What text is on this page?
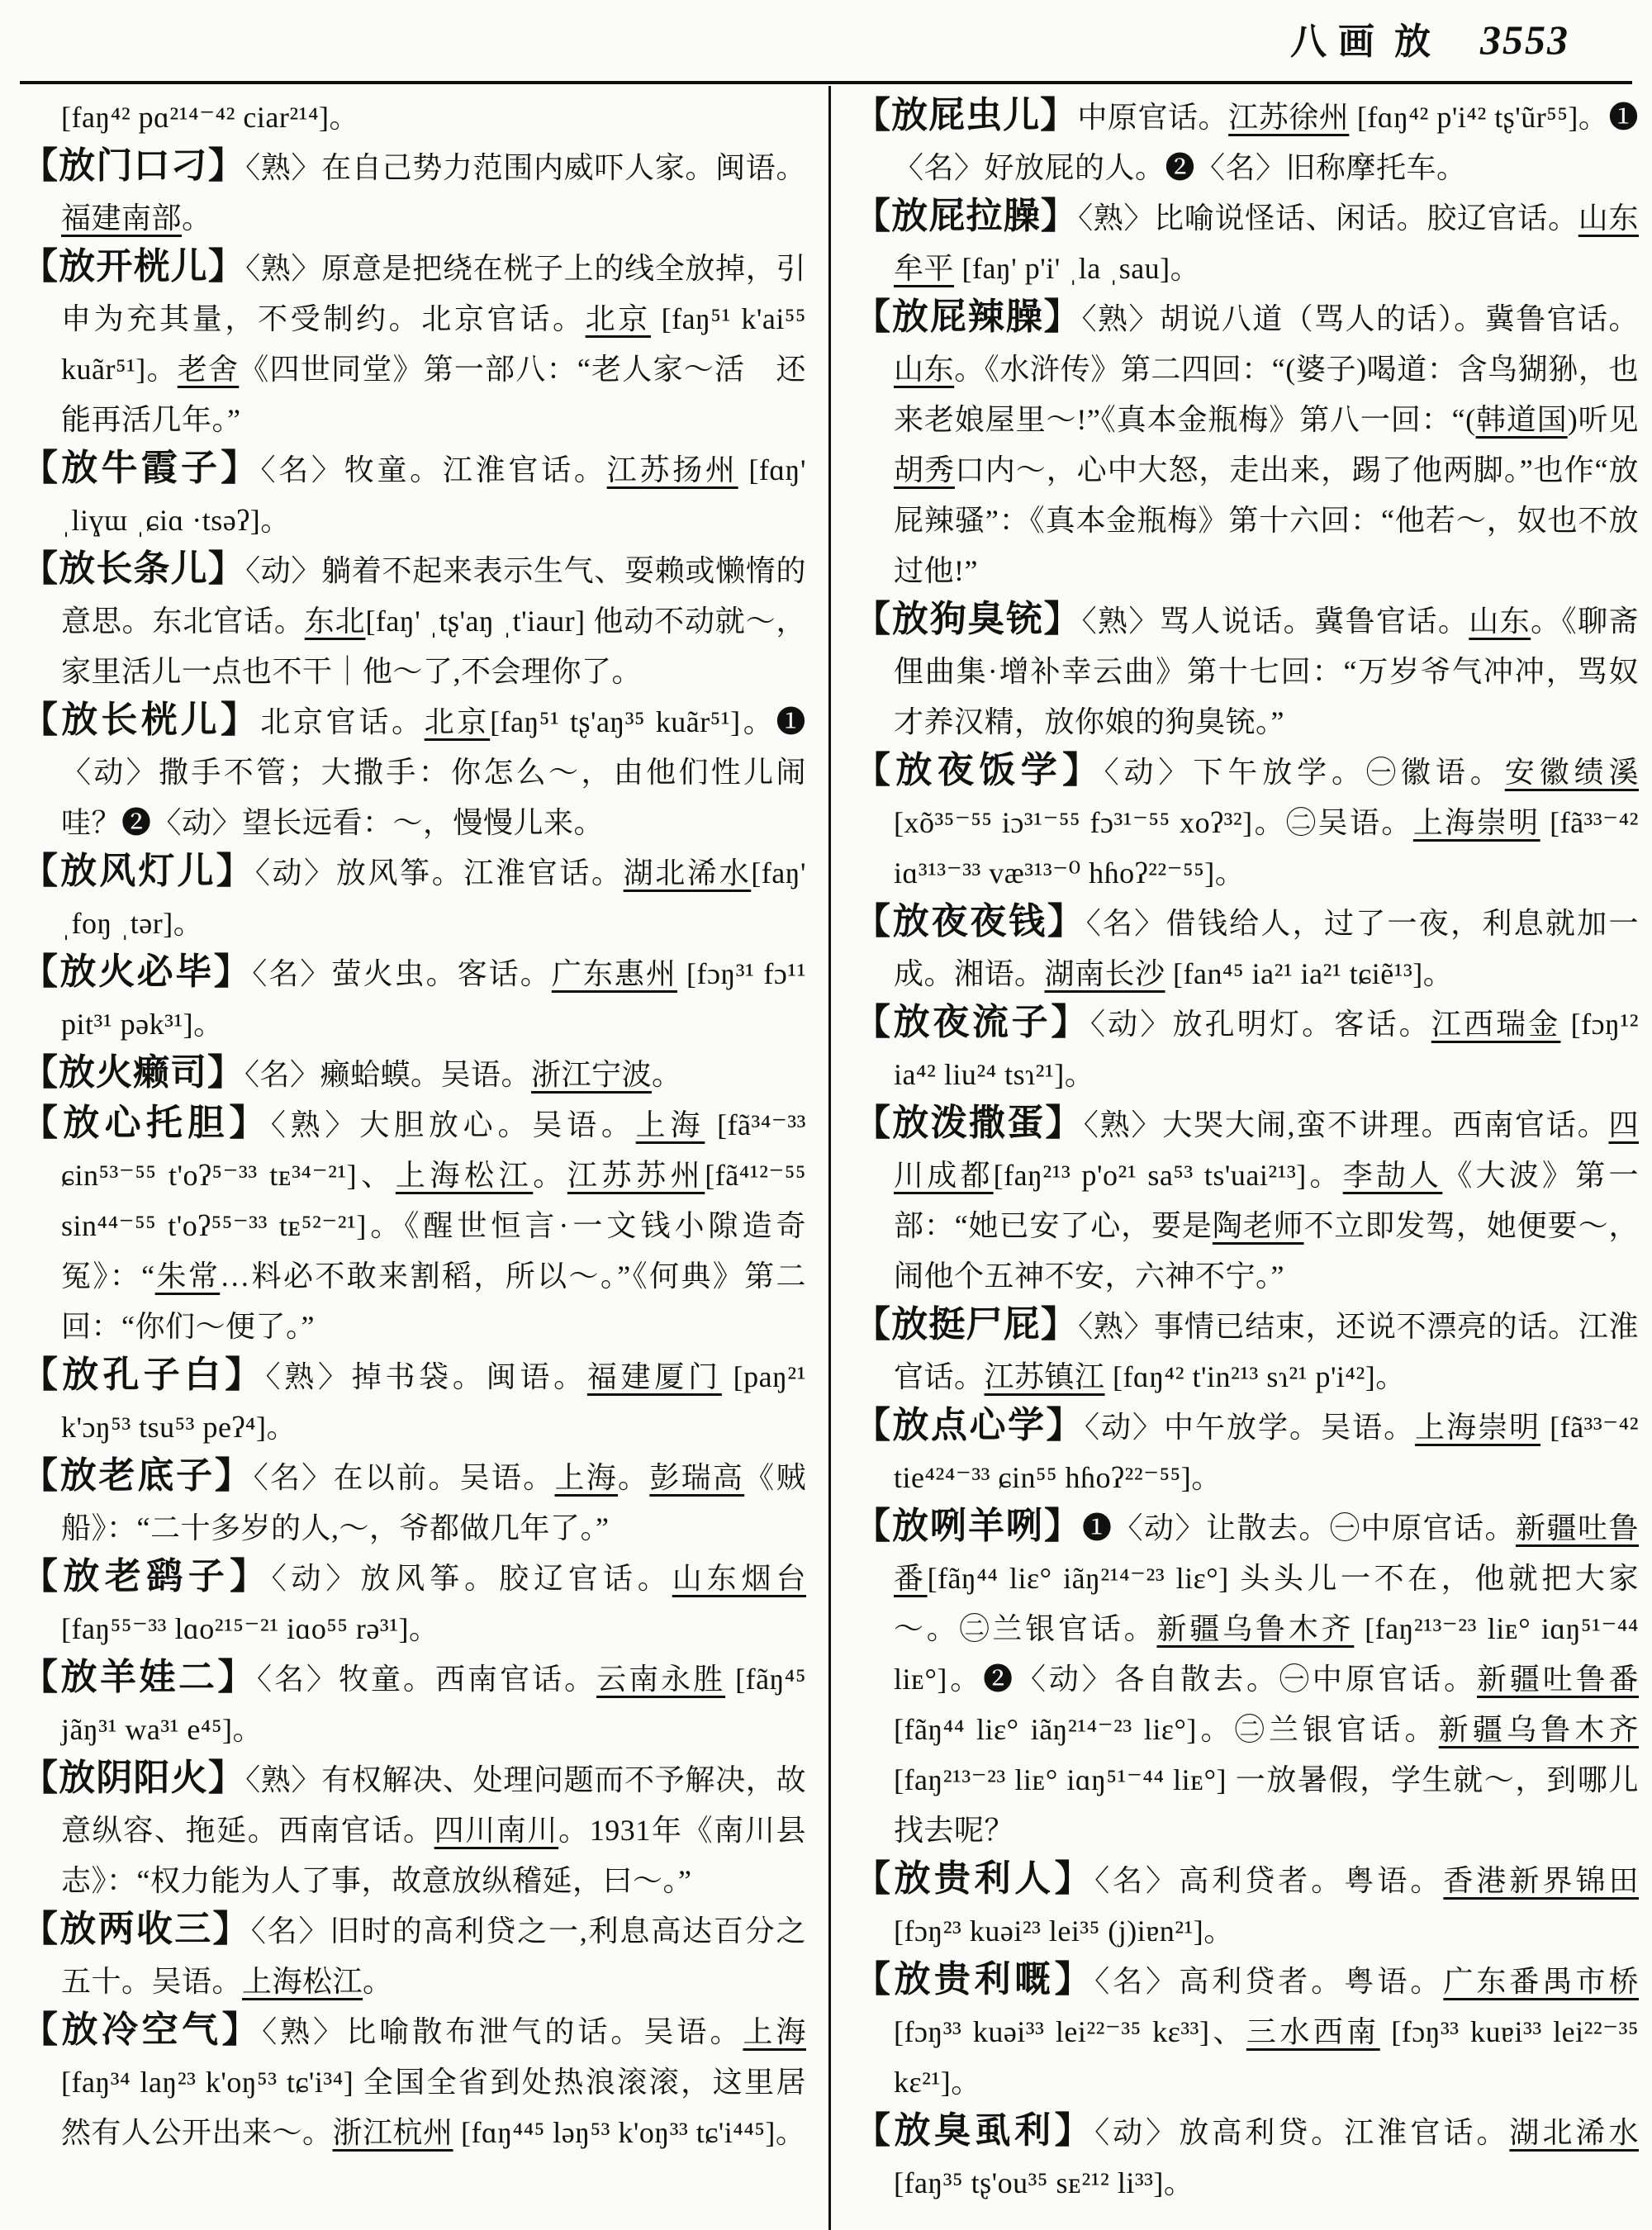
八画 放 3553
[faŋ⁴² pɑ²¹⁴⁻⁴² ciar²¹⁴]。
【放门口刁】〈熟〉在自己势力范围内威吓人家。闽语。福建南部。
【放开桄儿】〈熟〉原意是把绕在桄子上的线全放掉，引申为充其量，不受制约。北京官话。北京 [faŋ⁵¹ k'ai⁵⁵ kuãr⁵¹]。老舍《四世同堂》第一部八：“老人家～活　还能再活几年。”
【放牛霞子】〈名〉牧童。江淮官话。江苏扬州 [fɑŋ' ˌliɣɯ ˌɕiɑ ·tsəʔ]。
【放长条儿】〈动〉躺着不起来表示生气、耍赖或懒惰的意思。东北官话。东北[faŋ' ˌtʂ'aŋ ˌt'iaur] 他动不动就～，家里活儿一点也不干｜他～了,不会理你了。
【放长桄儿】北京官话。北京[faŋ⁵¹ tʂ'aŋ³⁵ kuãr⁵¹]。❶〈动〉撒手不管；大撒手：你怎么～，由他们性儿闹哇？❷〈动〉望长远看：～，慢慢儿来。
【放风灯儿】〈动〉放风筝。江淮官话。湖北浠水[faŋ' ˌfoŋ ˌtər]。
【放火必毕】〈名〉萤火虫。客话。广东惠州 [fɔŋ³¹ fɔ¹¹ pit³¹ pək³¹]。
【放火癞司】〈名〉癞蛤蟆。吴语。浙江宁波。
【放心托胆】〈熟〉大胆放心。吴语。上海 [fã³⁴⁻³³ ɕin⁵³⁻⁵⁵ t'oʔ⁵⁻³³ tᴇ³⁴⁻²¹]、上海松江。江苏苏州[fã⁴¹²⁻⁵⁵ sin⁴⁴⁻⁵⁵ t'oʔ⁵⁵⁻³³ tᴇ⁵²⁻²¹]。《醒世恒言·一文钱小隙造奇冤》：“朱常…料必不敢来割稻，所以～。”《何典》第二回：“你们～便了。”
【放孔子白】〈熟〉掉书袋。闽语。福建厦门 [paŋ²¹ k'ɔŋ⁵³ tsu⁵³ peʔ⁴]。
【放老底子】〈名〉在以前。吴语。上海。彭瑞高《贼船》：“二十多岁的人,～，爷都做几年了。”
【放老鹞子】〈动〉放风筝。胶辽官话。山东烟台 [faŋ⁵⁵⁻³³ lɑo²¹⁵⁻²¹ iɑo⁵⁵ rə³¹]。
【放羊娃二】〈名〉牧童。西南官话。云南永胜 [fãŋ⁴⁵ jãŋ³¹ wa³¹ e⁴⁵]。
【放阴阳火】〈熟〉有权解决、处理问题而不予解决，故意纵容、拖延。西南官话。四川南川。1931年《南川县志》：“权力能为人了事，故意放纵稽延，曰～。”
【放两收三】〈名〉旧时的高利贷之一,利息高达百分之五十。吴语。上海松江。
【放冷空气】〈熟〉比喻散布泄气的话。吴语。上海[faŋ³⁴ laŋ²³ k'oŋ⁵³ tɕ'i³⁴] 全国全省到处热浪滚滚，这里居然有人公开出来～。浙江杭州 [fɑŋ⁴⁴⁵ ləŋ⁵³ k'oŋ³³ tɕ'i⁴⁴⁵]。
【放屁虫儿】中原官话。江苏徐州 [fɑŋ⁴² p'i⁴² tʂ'ũr⁵⁵]。❶〈名〉好放屁的人。❷〈名〉旧称摩托车。
【放屁拉臊】〈熟〉比喻说怪话、闲话。胶辽官话。山东牟平 [faŋ' p'i' ˌla ˌsau]。
【放屁辣臊】〈熟〉胡说八道（骂人的话）。冀鲁官话。山东。《水浒传》第二四回：“(婆子)喝道：含鸟猢狲，也来老娘屋里～!”《真本金瓶梅》第八一回：“(韩道国)听见胡秀口内～，心中大怒，走出来，踢了他两脚。”也作“放屁辣骚”：《真本金瓶梅》第十六回：“他若～，奴也不放过他!”
【放狗臭铳】〈熟〉骂人说话。冀鲁官话。山东。《聊斋俚曲集·增补幸云曲》第十七回：“万岁爷气冲冲，骂奴才养汉精，放你娘的狗臭铳。”
【放夜饭学】〈动〉下午放学。㊀徽语。安徽绩溪 [xõ³⁵⁻⁵⁵ iɔ³¹⁻⁵⁵ fɔ³¹⁻⁵⁵ xoʔ³²]。㊁吴语。上海崇明 [fã³³⁻⁴² iɑ³¹³⁻³³ væ³¹³⁻⁰ hɦoʔ²²⁻⁵⁵]。
【放夜夜钱】〈名〉借钱给人，过了一夜，利息就加一成。湘语。湖南长沙 [fan⁴⁵ ia²¹ ia²¹ tɕiẽ¹³]。
【放夜流子】〈动〉放孔明灯。客话。江西瑞金 [fɔŋ¹² ia⁴² liu²⁴ tsɿ²¹]。
【放泼撒蛋】〈熟〉大哭大闹,蛮不讲理。西南官话。四川成都[faŋ²¹³ p'o²¹ sa⁵³ ts'uai²¹³]。李劼人《大波》第一部：“她已安了心，要是陶老师不立即发驾，她便要～，闹他个五神不安，六神不宁。”
【放挺尸屁】〈熟〉事情已结束，还说不漂亮的话。江淮官话。江苏镇江 [fɑŋ⁴² t'in²¹³ sɿ²¹ p'i⁴²]。
【放点心学】〈动〉中午放学。吴语。上海崇明 [fã³³⁻⁴² tie⁴²⁴⁻³³ ɕin⁵⁵ hɦoʔ²²⁻⁵⁵]。
【放咧羊咧】❶〈动〉让散去。㊀中原官话。新疆吐鲁番[fãŋ⁴⁴ liɛ° iãŋ²¹⁴⁻²³ liɛ°] 头头儿一不在，他就把大家～。㊁兰银官话。新疆乌鲁木齐 [faŋ²¹³⁻²³ liᴇ° iɑŋ⁵¹⁻⁴⁴ liᴇ°]。❷〈动〉各自散去。㊀中原官话。新疆吐鲁番 [fãŋ⁴⁴ liɛ° iãŋ²¹⁴⁻²³ liɛ°]。㊁兰银官话。新疆乌鲁木齐[faŋ²¹³⁻²³ liᴇ° iɑŋ⁵¹⁻⁴⁴ liᴇ°] 一放暑假，学生就～，到哪儿找去呢？
【放贵利人】〈名〉高利贷者。粤语。香港新界锦田 [fɔŋ²³ kuəi²³ lei³⁵ (j)iɐn²¹]。
【放贵利嘅】〈名〉高利贷者。粤语。广东番禺市桥 [fɔŋ³³ kuəi³³ lei²²⁻³⁵ kɛ³³]、三水西南 [fɔŋ³³ kuɐi³³ lei²²⁻³⁵ kɛ²¹]。
【放臭虱利】〈动〉放高利贷。江淮官话。湖北浠水 [faŋ³⁵ tʂ'ou³⁵ sᴇ²¹² li³³]。
